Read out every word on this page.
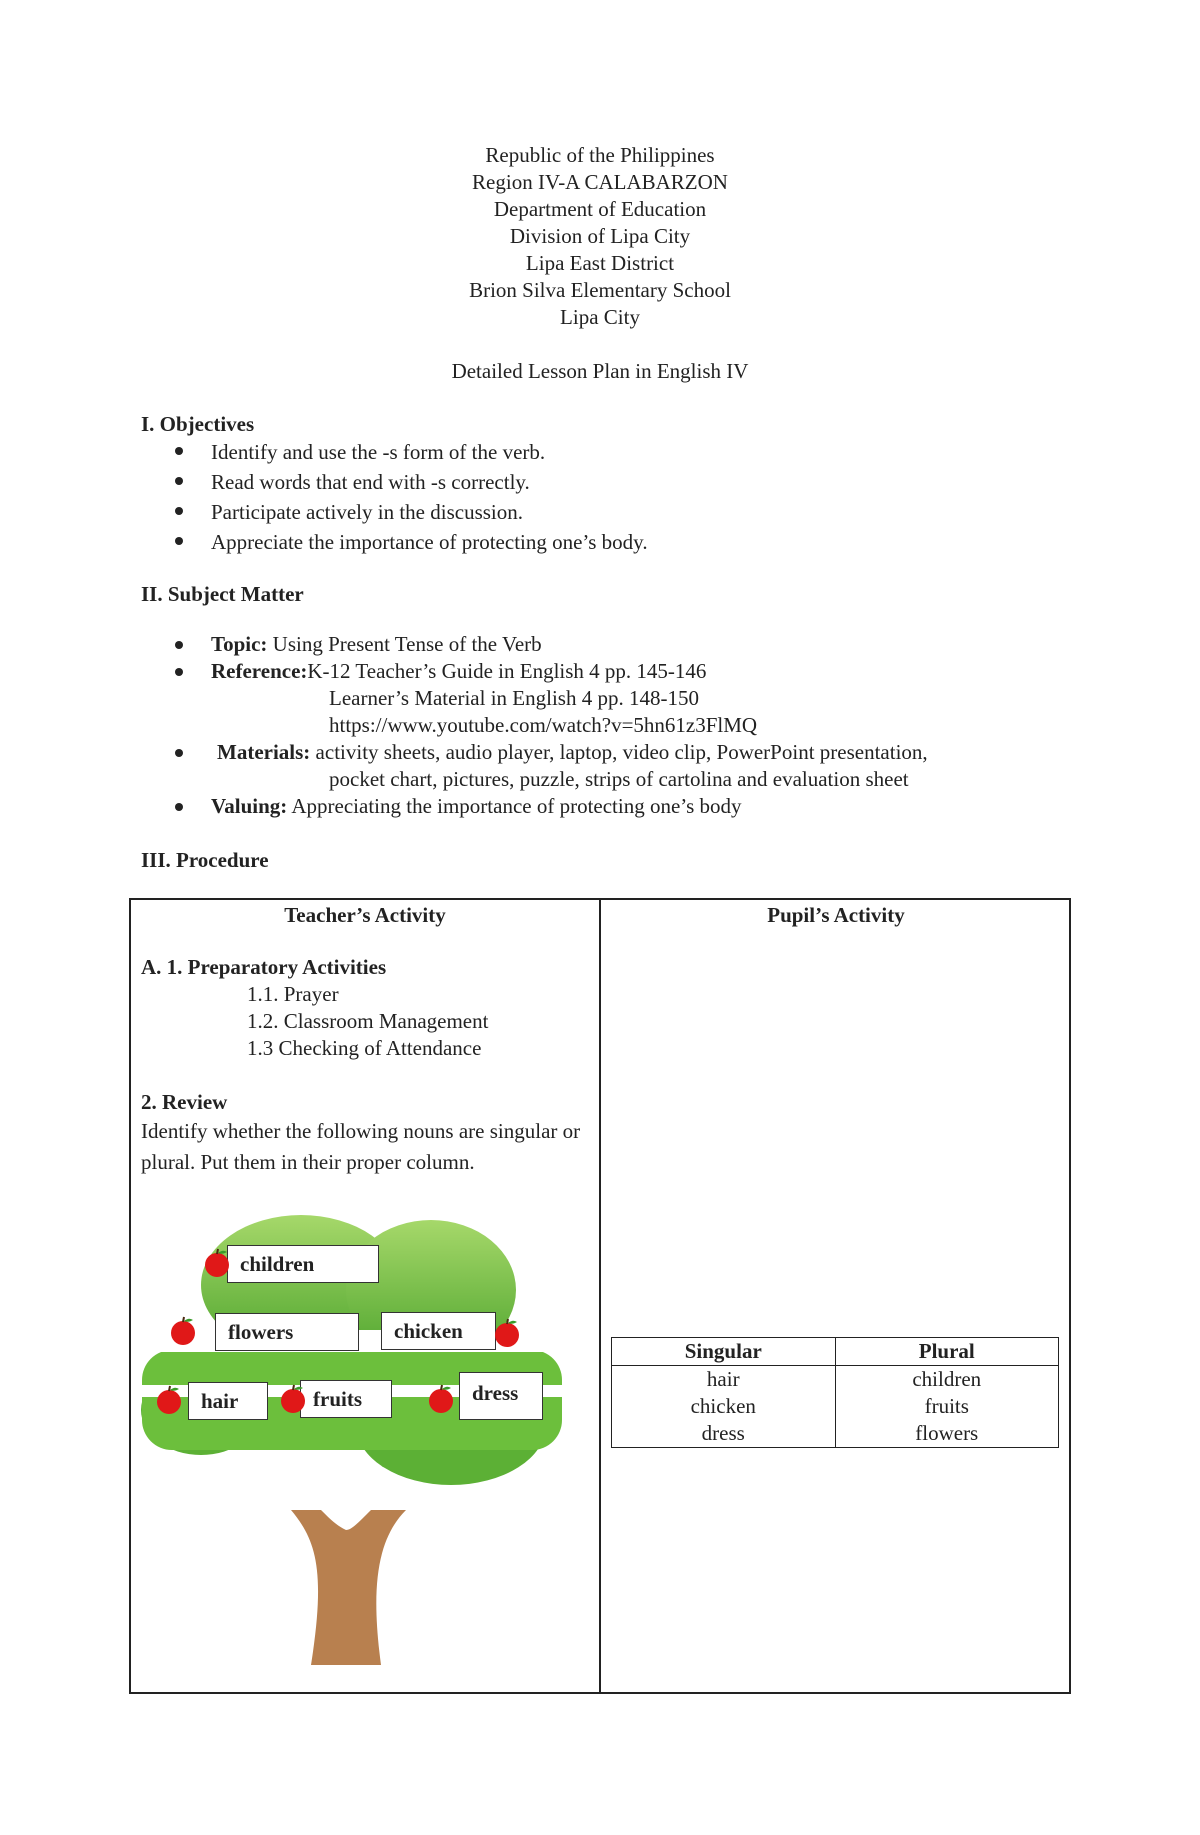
Republic of the Philippines
Region IV-A CALABARZON
Department of Education
Division of Lipa City
Lipa East District
Brion Silva Elementary School
Lipa City
Detailed Lesson Plan in English IV
I. Objectives
Identify and use the -s form of the verb.
Read words that end with -s correctly.
Participate actively in the discussion.
Appreciate the importance of protecting one’s body.
II. Subject Matter
Topic: Using Present Tense of the Verb
Reference:K-12 Teacher’s Guide in English 4 pp. 145-146
Learner’s Material in English 4 pp. 148-150
https://www.youtube.com/watch?v=5hn61z3FlMQ
Materials: activity sheets, audio player, laptop, video clip, PowerPoint presentation,
pocket chart, pictures, puzzle, strips of cartolina and evaluation sheet
Valuing: Appreciating the importance of protecting one’s body
III. Procedure
Teacher’s Activity	Pupil’s Activity
A. 1. Preparatory Activities
1.1. Prayer
1.2. Classroom Management
1.3 Checking of Attendance
2. Review
Identify whether the following nouns are singular or plural. Put them in their proper column.
children
flowers	chicken
hair	fruits	dress
Singular	Plural
hair	children
chicken	fruits
dress	flowers
